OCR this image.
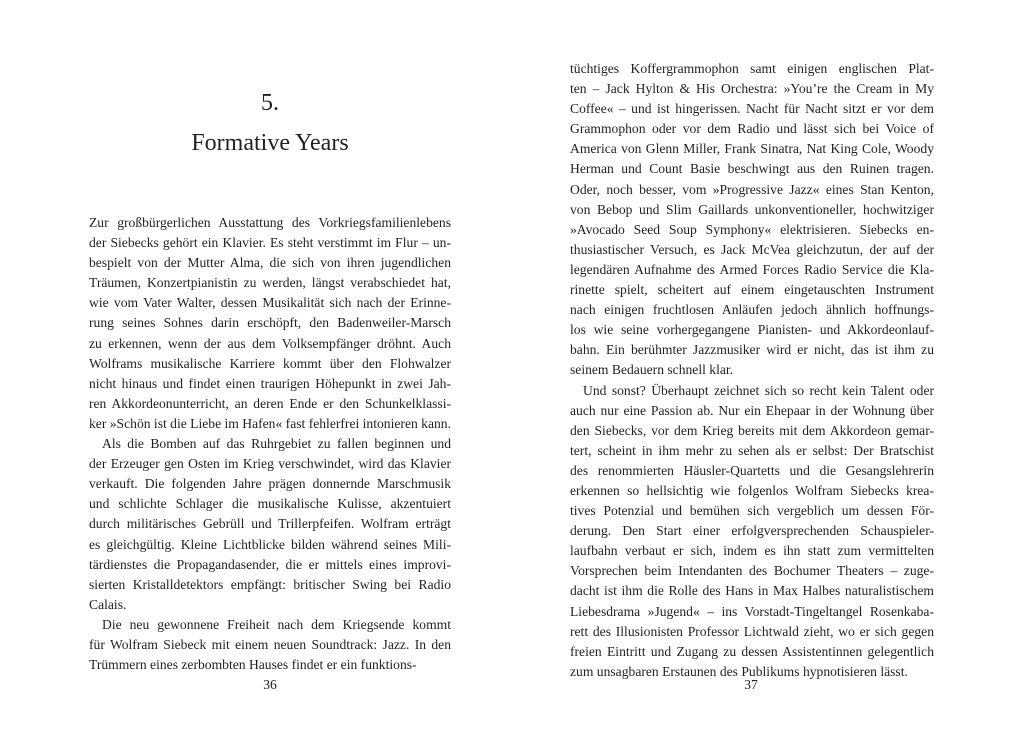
5.
Formative Years
Zur großbürgerlichen Ausstattung des Vorkriegsfamilienlebens
der Siebecks gehört ein Klavier. Es steht verstimmt im Flur – un-
bespielt von der Mutter Alma, die sich von ihren jugendlichen
Träumen, Konzertpianistin zu werden, längst verabschiedet hat,
wie vom Vater Walter, dessen Musikalität sich nach der Erinne-
rung seines Sohnes darin erschöpft, den Badenweiler-Marsch
zu erkennen, wenn der aus dem Volksempfänger dröhnt. Auch
Wolframs musikalische Karriere kommt über den Flohwalzer
nicht hinaus und findet einen traurigen Höhepunkt in zwei Jah-
ren Akkordeonunterricht, an deren Ende er den Schunkelklassi-
ker »Schön ist die Liebe im Hafen« fast fehlerfrei intonieren kann.
Als die Bomben auf das Ruhrgebiet zu fallen beginnen und
der Erzeuger gen Osten im Krieg verschwindet, wird das Klavier
verkauft. Die folgenden Jahre prägen donnernde Marschmusik
und schlichte Schlager die musikalische Kulisse, akzentuiert
durch militärisches Gebrüll und Trillerpfeifen. Wolfram erträgt
es gleichgültig. Kleine Lichtblicke bilden während seines Mili-
tärdienstes die Propagandasender, die er mittels eines improvi-
sierten Kristalldetektors empfängt: britischer Swing bei Radio
Calais.
Die neu gewonnene Freiheit nach dem Kriegsende kommt
für Wolfram Siebeck mit einem neuen Soundtrack: Jazz. In den
Trümmern eines zerbombten Hauses findet er ein funktions-
36
tüchtiges Koffergrammophon samt einigen englischen Plat-
ten – Jack Hylton & His Orchestra: »You’re the Cream in My
Coffee« – und ist hingerissen. Nacht für Nacht sitzt er vor dem
Grammophon oder vor dem Radio und lässt sich bei Voice of
America von Glenn Miller, Frank Sinatra, Nat King Cole, Woody
Herman und Count Basie beschwingt aus den Ruinen tragen.
Oder, noch besser, vom »Progressive Jazz« eines Stan Kenton,
von Bebop und Slim Gaillards unkonventioneller, hochwitziger
»Avocado Seed Soup Symphony« elektrisieren. Siebecks en-
thusiastischer Versuch, es Jack McVea gleichzutun, der auf der
legendären Aufnahme des Armed Forces Radio Service die Kla-
rinette spielt, scheitert auf einem eingetauschten Instrument
nach einigen fruchtlosen Anläufen jedoch ähnlich hoffnungs-
los wie seine vorhergegangene Pianisten- und Akkordeonlauf-
bahn. Ein berühmter Jazzmusiker wird er nicht, das ist ihm zu
seinem Bedauern schnell klar.
Und sonst? Überhaupt zeichnet sich so recht kein Talent oder
auch nur eine Passion ab. Nur ein Ehepaar in der Wohnung über
den Siebecks, vor dem Krieg bereits mit dem Akkordeon gemar-
tert, scheint in ihm mehr zu sehen als er selbst: Der Bratschist
des renommierten Häusler-Quartetts und die Gesangslehrerin
erkennen so hellsichtig wie folgenlos Wolfram Siebecks krea-
tives Potenzial und bemühen sich vergeblich um dessen För-
derung. Den Start einer erfolgversprechenden Schauspieler-
laufbahn verbaut er sich, indem es ihn statt zum vermittelten
Vorsprechen beim Intendanten des Bochumer Theaters – zuge-
dacht ist ihm die Rolle des Hans in Max Halbes naturalistischem
Liebesdrama »Jugend« – ins Vorstadt-Tingeltangel Rosenkaba-
rett des Illusionisten Professor Lichtwald zieht, wo er sich gegen
freien Eintritt und Zugang zu dessen Assistentinnen gelegentlich
zum unsagbaren Erstaunen des Publikums hypnotisieren lässt.
37
